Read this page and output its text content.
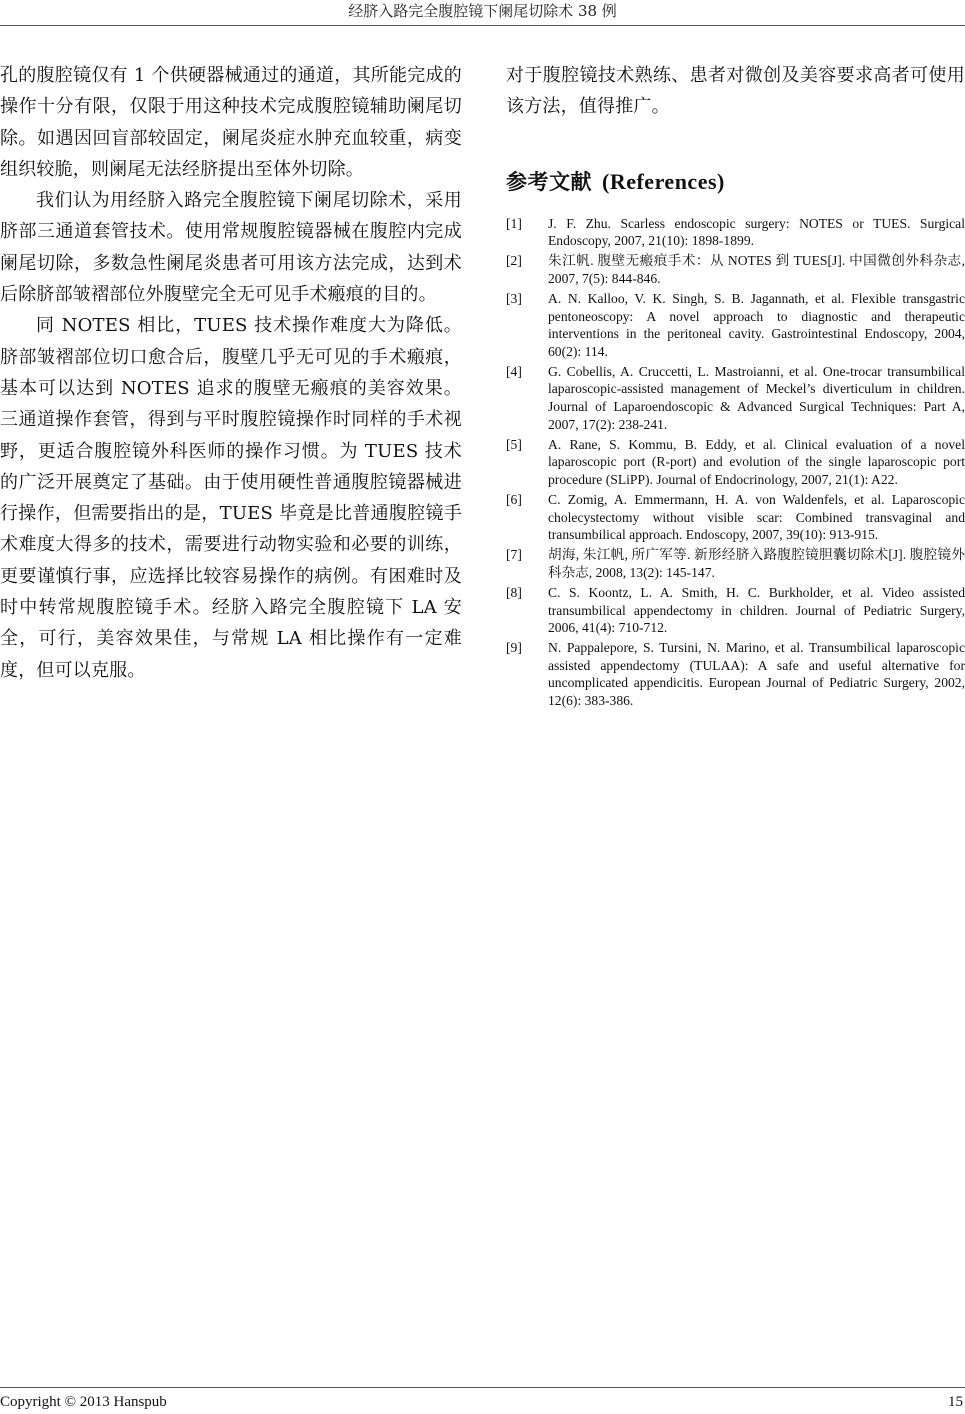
经脐入路完全腹腔镜下阑尾切除术 38 例

孔的腹腔镜仅有 1 个供硬器械通过的通道，其所能完成的操作十分有限，仅限于用这种技术完成腹腔镜辅助阑尾切除。如遇因回盲部较固定，阑尾炎症水肿充血较重，病变组织较脆，则阑尾无法经脐提出至体外切除。

我们认为用经脐入路完全腹腔镜下阑尾切除术，采用脐部三通道套管技术。使用常规腹腔镜器械在腹腔内完成阑尾切除，多数急性阑尾炎患者可用该方法完成，达到术后除脐部皱褶部位外腹壁完全无可见手术瘢痕的目的。

同 NOTES 相比，TUES 技术操作难度大为降低。脐部皱褶部位切口愈合后，腹壁几乎无可见的手术瘢痕，基本可以达到 NOTES 追求的腹壁无瘢痕的美容效果。三通道操作套管，得到与平时腹腔镜操作时同样的手术视野，更适合腹腔镜外科医师的操作习惯。为 TUES 技术的广泛开展奠定了基础。由于使用硬性普通腹腔镜器械进行操作，但需要指出的是，TUES 毕竟是比普通腹腔镜手术难度大得多的技术，需要进行动物实验和必要的训练，更要谨慎行事，应选择比较容易操作的病例。有困难时及时中转常规腹腔镜手术。经脐入路完全腹腔镜下 LA 安全，可行，美容效果佳，与常规 LA 相比操作有一定难度，但可以克服。

对于腹腔镜技术熟练、患者对微创及美容要求高者可使用该方法，值得推广。

参考文献 (References)
[1]	J. F. Zhu. Scarless endoscopic surgery: NOTES or TUES. Surgical Endoscopy, 2007, 21(10): 1898-1899.
[2]	朱江帆. 腹壁无瘢痕手术：从 NOTES 到 TUES[J]. 中国微创外科杂志, 2007, 7(5): 844-846.
[3]	A. N. Kalloo, V. K. Singh, S. B. Jagannath, et al. Flexible transgastric pentoneoscopy: A novel approach to diagnostic and therapeutic interventions in the peritoneal cavity. Gastrointestinal Endoscopy, 2004, 60(2): 114.
[4]	G. Cobellis, A. Cruccetti, L. Mastroianni, et al. One-trocar transumbilical laparoscopic-assisted management of Meckel’s diverticulum in children. Journal of Laparoendoscopic & Advanced Surgical Techniques: Part A, 2007, 17(2): 238-241.
[5]	A. Rane, S. Kommu, B. Eddy, et al. Clinical evaluation of a novel laparoscopic port (R-port) and evolution of the single laparoscopic port procedure (SLiPP). Journal of Endocrinology, 2007, 21(1): A22.
[6]	C. Zomig, A. Emmermann, H. A. von Waldenfels, et al. Laparoscopic cholecystectomy without visible scar: Combined transvaginal and transumbilical approach. Endoscopy, 2007, 39(10): 913-915.
[7]	胡海, 朱江帆, 所广军等. 新形经脐入路腹腔镜胆囊切除术[J]. 腹腔镜外科杂志, 2008, 13(2): 145-147.
[8]	C. S. Koontz, L. A. Smith, H. C. Burkholder, et al. Video assisted transumbilical appendectomy in children. Journal of Pediatric Surgery, 2006, 41(4): 710-712.
[9]	N. Pappalepore, S. Tursini, N. Marino, et al. Transumbilical laparoscopic assisted appendectomy (TULAA): A safe and useful alternative for uncomplicated appendicitis. European Journal of Pediatric Surgery, 2002, 12(6): 383-386.
Copyright © 2013 Hanspub	15
